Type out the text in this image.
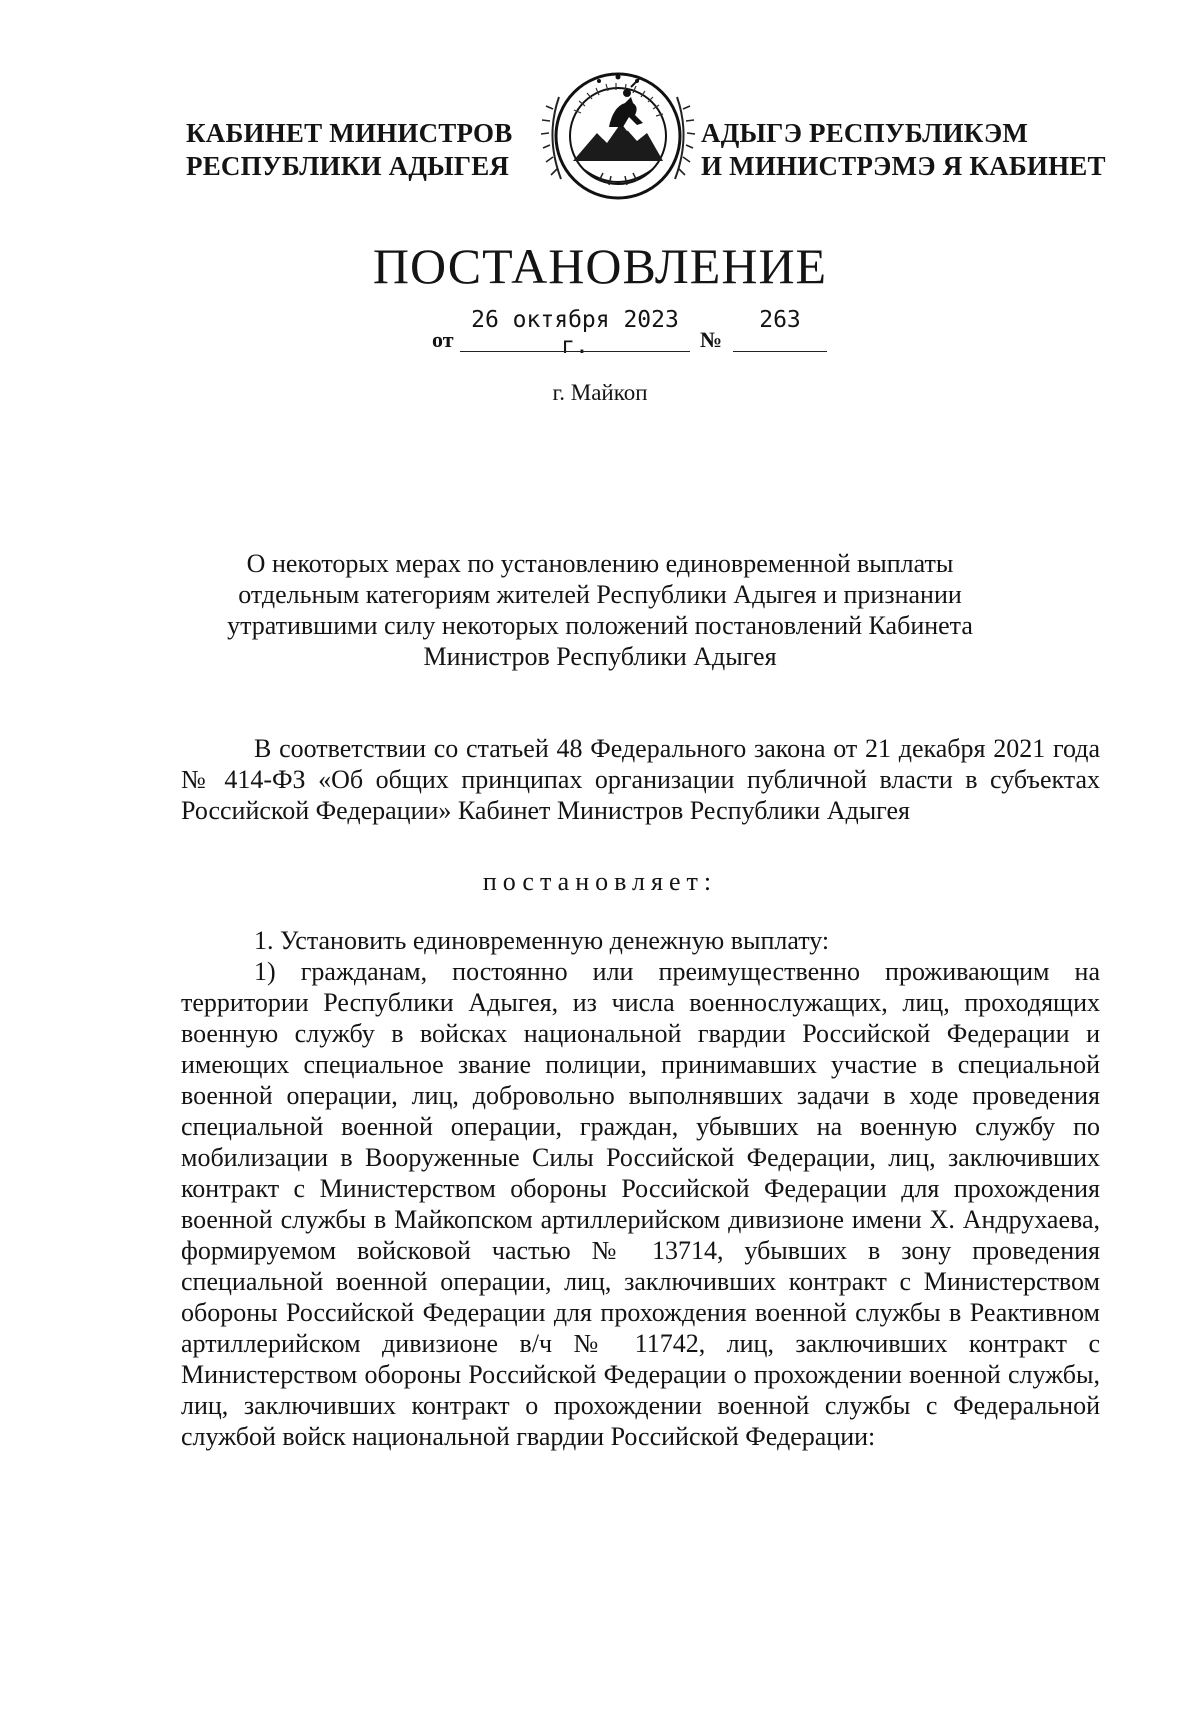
КАБИНЕТ МИНИСТРОВ
РЕСПУБЛИКИ АДЫГЕЯ
АДЫГЭ РЕСПУБЛИКЭМ
И МИНИСТРЭМЭ Я КАБИНЕТ
ПОСТАНОВЛЕНИЕ
от
26 октября 2023 г.	№
263
г. Майкоп
О некоторых мерах по установлению единовременной выплаты отдельным категориям жителей Республики Адыгея и признании утратившими силу некоторых положений постановлений Кабинета Министров Республики Адыгея
В соответствии со статьей 48 Федерального закона от 21 декабря 2021 года № 414-ФЗ «Об общих принципах организации публичной власти в субъектах Российской Федерации» Кабинет Министров Республики Адыгея
постановляет:
1. Установить единовременную денежную выплату:
1) гражданам, постоянно или преимущественно проживающим на территории Республики Адыгея, из числа военнослужащих, лиц, проходящих военную службу в войсках национальной гвардии Российской Федерации и имеющих специальное звание полиции, принимавших участие в специальной военной операции, лиц, добровольно выполнявших задачи в ходе проведения специальной военной операции, граждан, убывших на военную службу по мобилизации в Вооруженные Силы Российской Федерации, лиц, заключивших контракт с Министерством обороны Российской Федерации для прохождения военной службы в Майкопском артиллерийском дивизионе имени Х. Андрухаева, формируемом войсковой частью № 13714, убывших в зону проведения специальной военной операции, лиц, заключивших контракт с Министерством обороны Российской Федерации для прохождения военной службы в Реактивном артиллерийском дивизионе в/ч № 11742, лиц, заключивших контракт с Министерством обороны Российской Федерации о прохождении военной службы, лиц, заключивших контракт о прохождении военной службы с Федеральной службой войск национальной гвардии Российской Федерации:
